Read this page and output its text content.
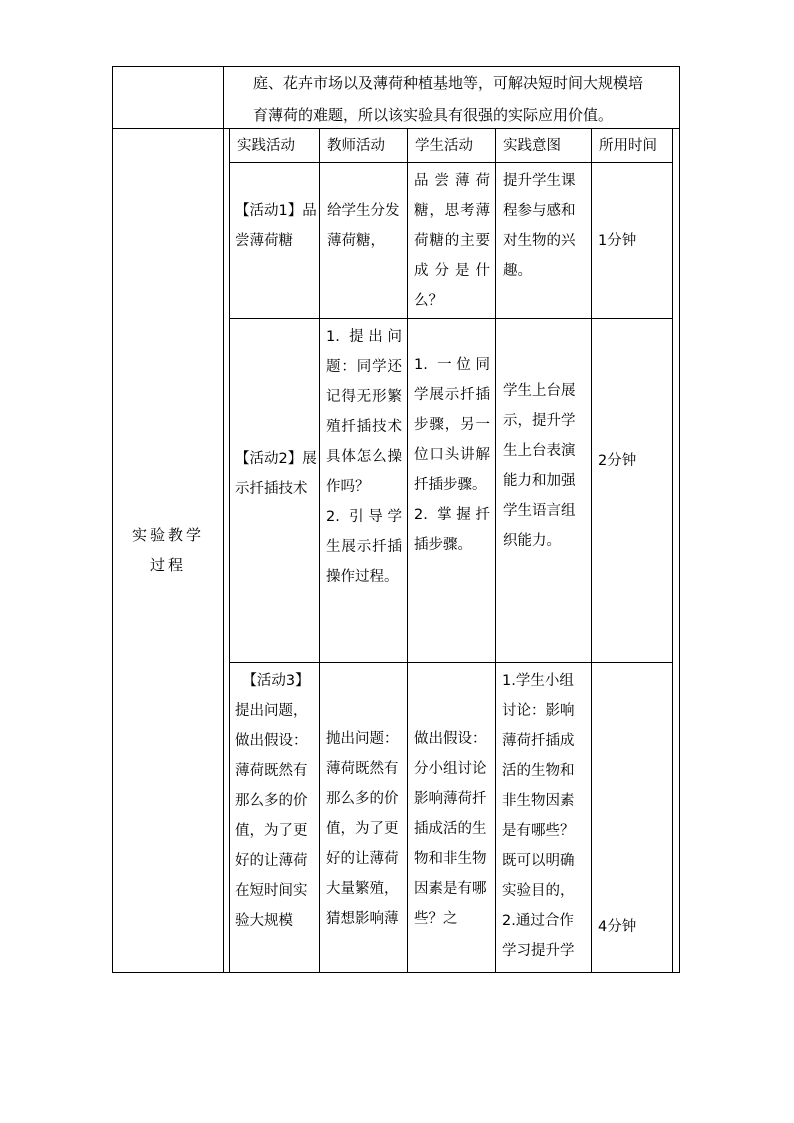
庭、花卉市场以及薄荷种植基地等，可解决短时间大规模培

育薄荷的难题，所以该实验具有很强的实际应用价值。

实验教学

过程

实践活动 教师活动 学生活动 实践意图	所用时间
【活动1】品尝薄荷糖

给学生分发薄荷糖，

品尝薄荷糖，思考薄荷糖的主要成分是什么？

提升学生课程参与感和对生物的兴趣。

1分钟
【活动2】展示扦插技术

1. 提出问题：同学还记得无形繁殖扦插技术具体怎么操作吗？

2. 引导学生展示扦插操作过程。

1. 一位同学展示扦插步骤，另一位口头讲解扦插步骤。

2. 掌握扦插步骤。

学生上台展示，提升学生上台表演能力和加强学生语言组织能力。

2分钟

【活动3】

提出问题，做出假设：薄荷既然有那么多的价值，为了更好的让薄荷在短时间实验大规模

抛出问题：薄荷既然有那么多的价值，为了更好的让薄荷大量繁殖，猜想影响薄

做出假设：分小组讨论影响薄荷扦插成活的生物和非生物因素是有哪些？之

1.学生小组讨论：影响薄荷扦插成活的生物和非生物因素是有哪些？既可以明确实验目的，

2.通过合作学习提升学

4分钟
